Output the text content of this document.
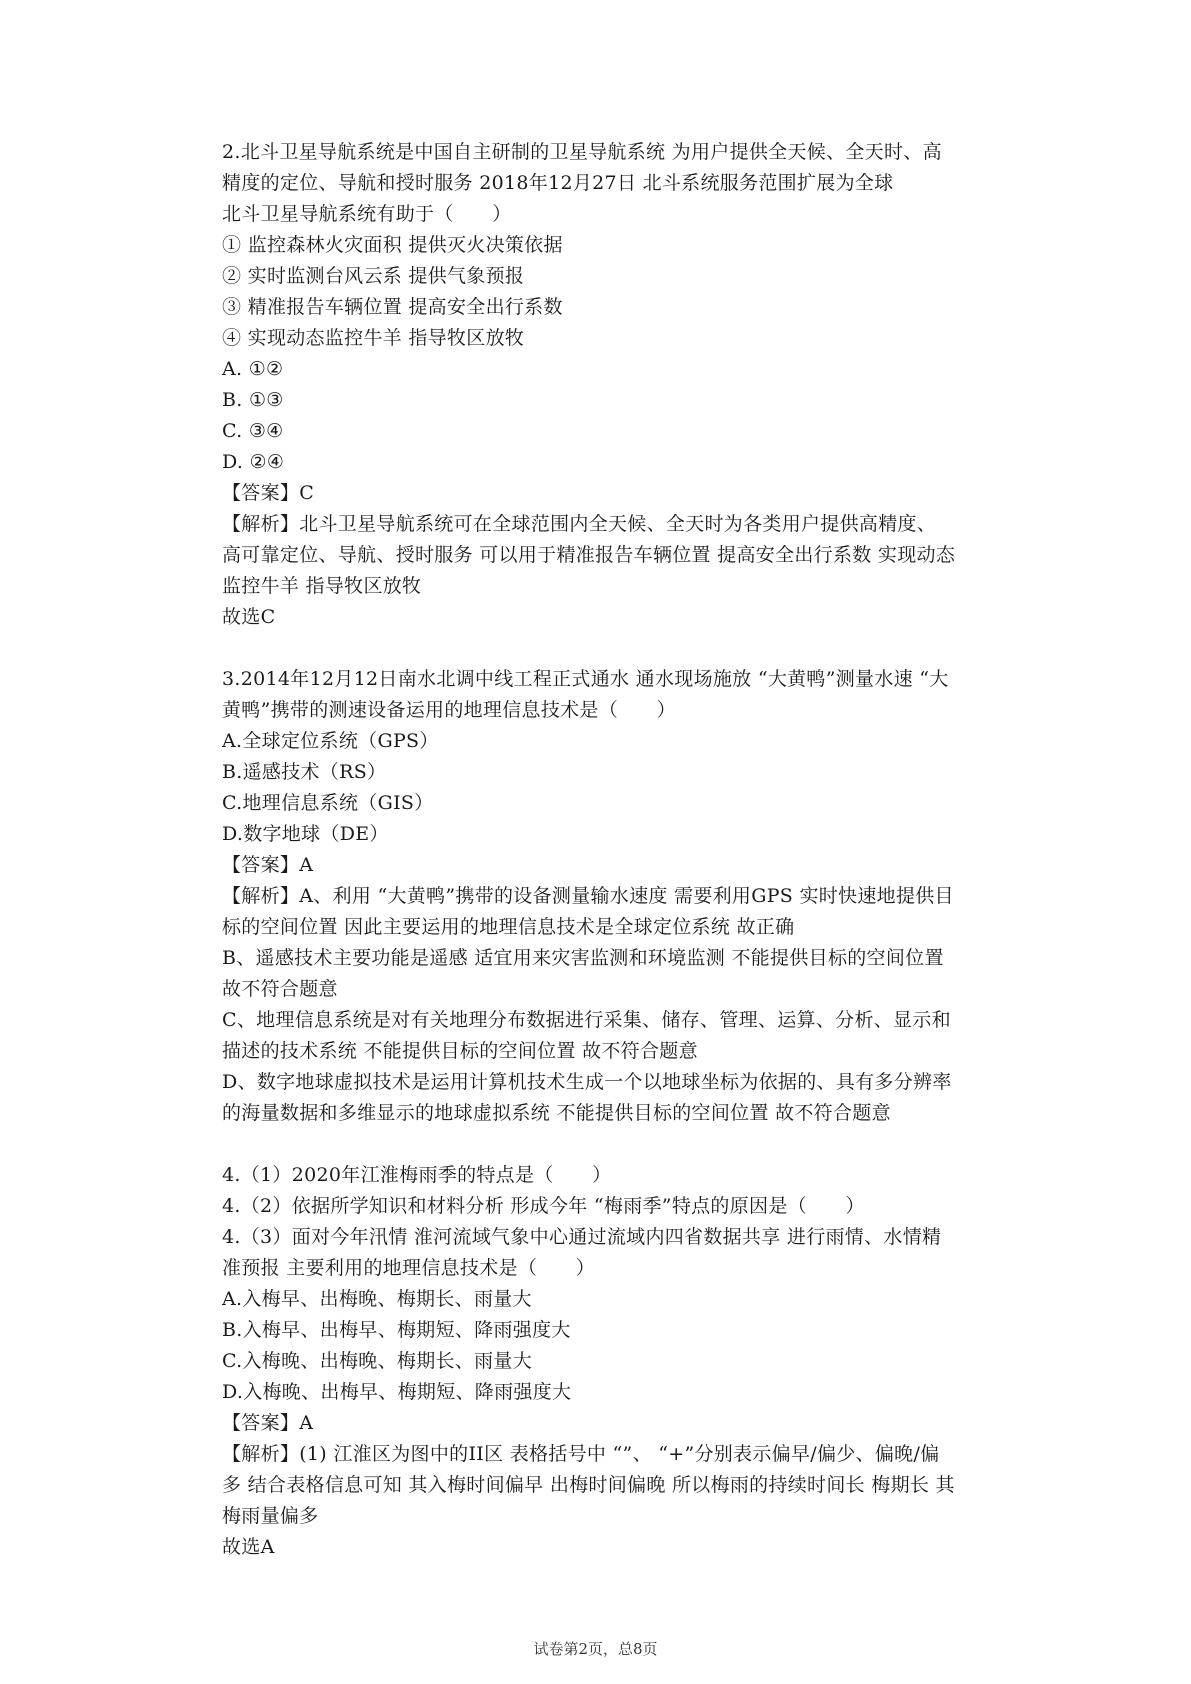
2.北斗卫星导航系统是中国自主研制的卫星导航系统 为用户提供全天候、全天时、高
精度的定位、导航和授时服务 2018年12月27日 北斗系统服务范围扩展为全球
北斗卫星导航系统有助于（　　）
① 监控森林火灾面积 提供灭火决策依据
② 实时监测台风云系 提供气象预报
③ 精准报告车辆位置 提高安全出行系数
④ 实现动态监控牛羊 指导牧区放牧
A. ①②
B. ①③
C. ③④
D. ②④
【答案】C
【解析】北斗卫星导航系统可在全球范围内全天候、全天时为各类用户提供高精度、
高可靠定位、导航、授时服务 可以用于精准报告车辆位置 提高安全出行系数 实现动态
监控牛羊 指导牧区放牧
故选C
3.2014年12月12日南水北调中线工程正式通水 通水现场施放 “大黄鸭”测量水速 “大
黄鸭”携带的测速设备运用的地理信息技术是（　　）
A.全球定位系统（GPS）
B.遥感技术（RS）
C.地理信息系统（GIS）
D.数字地球（DE）
【答案】A
【解析】A、利用 “大黄鸭”携带的设备测量输水速度 需要利用GPS 实时快速地提供目
标的空间位置 因此主要运用的地理信息技术是全球定位系统 故正确
B、遥感技术主要功能是遥感 适宜用来灾害监测和环境监测 不能提供目标的空间位置
故不符合题意
C、地理信息系统是对有关地理分布数据进行采集、储存、管理、运算、分析、显示和
描述的技术系统 不能提供目标的空间位置 故不符合题意
D、数字地球虚拟技术是运用计算机技术生成一个以地球坐标为依据的、具有多分辨率
的海量数据和多维显示的地球虚拟系统 不能提供目标的空间位置 故不符合题意
4.（1）2020年江淮梅雨季的特点是（　　）
4.（2）依据所学知识和材料分析 形成今年 “梅雨季”特点的原因是（　　）
4.（3）面对今年汛情 淮河流域气象中心通过流域内四省数据共享 进行雨情、水情精
准预报 主要利用的地理信息技术是（　　）
A.入梅早、出梅晚、梅期长、雨量大
B.入梅早、出梅早、梅期短、降雨强度大
C.入梅晚、出梅晚、梅期长、雨量大
D.入梅晚、出梅早、梅期短、降雨强度大
【答案】A
【解析】(1) 江淮区为图中的II区 表格括号中 “”、 “+”分别表示偏早/偏少、偏晚/偏
多 结合表格信息可知 其入梅时间偏早 出梅时间偏晚 所以梅雨的持续时间长 梅期长 其
梅雨量偏多
故选A
试卷第2页，总8页
